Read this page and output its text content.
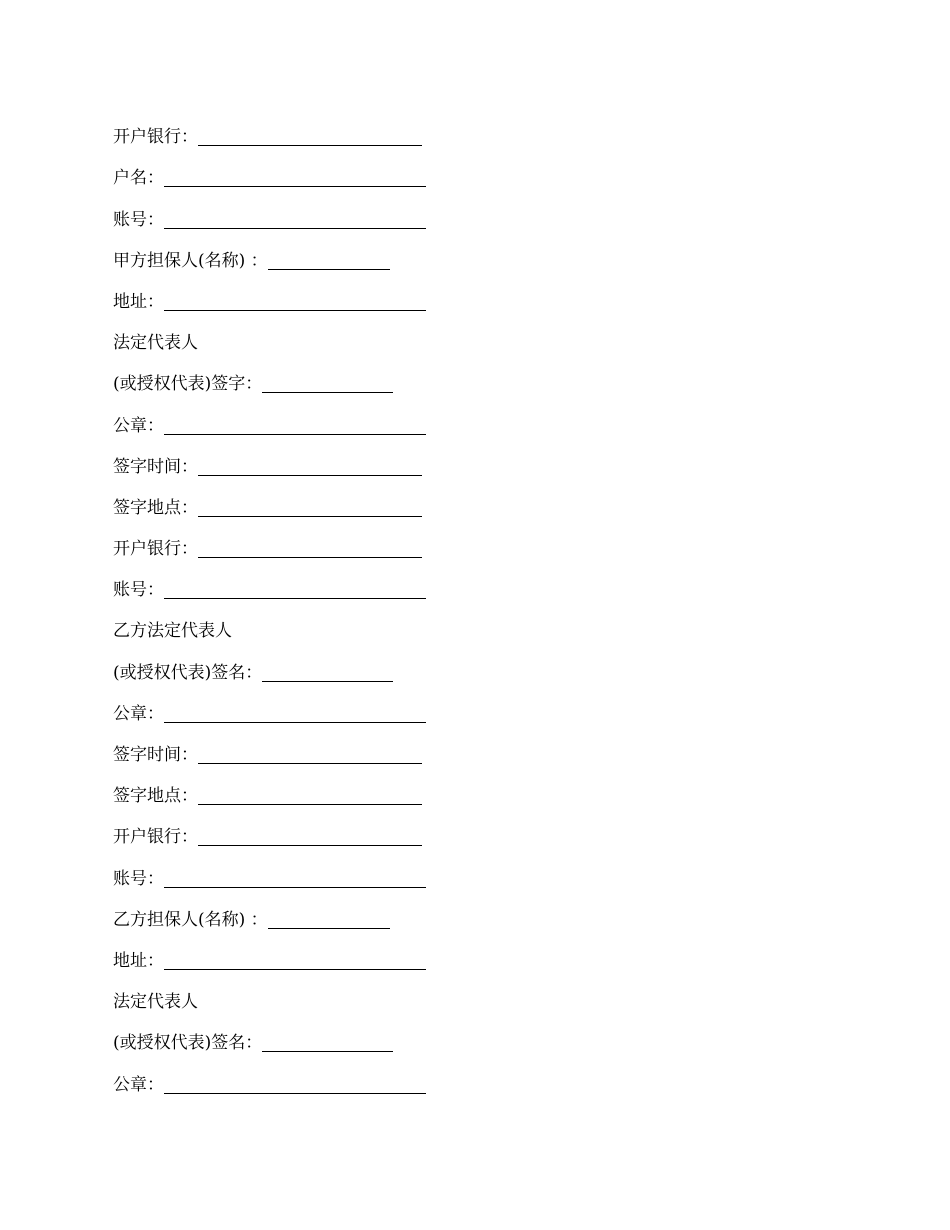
开户银行：
户名：
账号：
甲方担保人(名称) ：
地址：
法定代表人
(或授权代表)签字：
公章：
签字时间：
签字地点：
开户银行：
账号：
乙方法定代表人
(或授权代表)签名：
公章：
签字时间：
签字地点：
开户银行：
账号：
乙方担保人(名称) ：
地址：
法定代表人
(或授权代表)签名：
公章：
